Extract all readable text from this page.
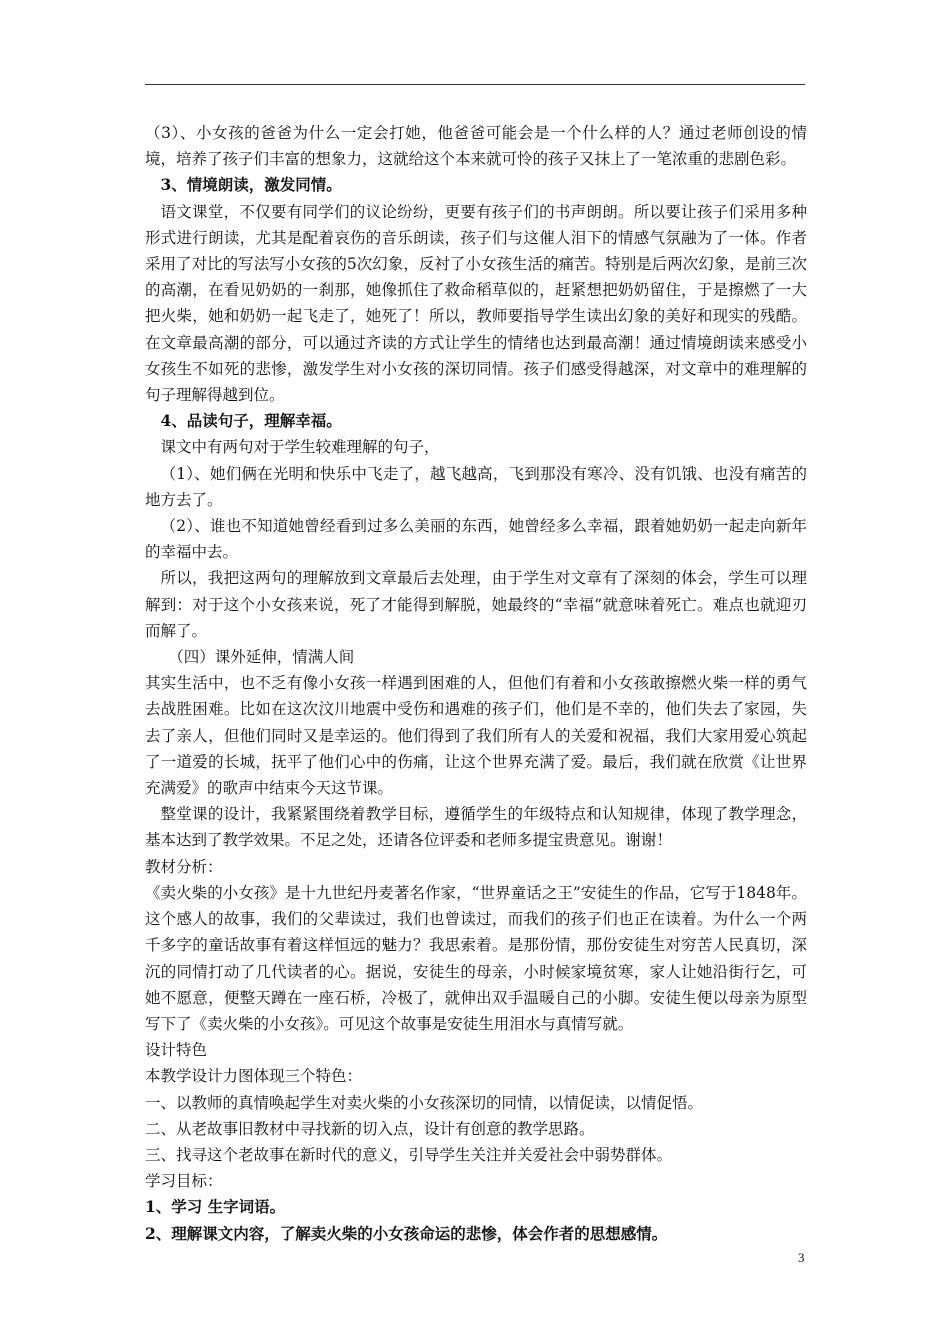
（3）、小女孩的爸爸为什么一定会打她，他爸爸可能会是一个什么样的人？通过老师创设的情境，培养了孩子们丰富的想象力，这就给这个本来就可怜的孩子又抹上了一笔浓重的悲剧色彩。

3、情境朗读，激发同情。

语文课堂，不仅要有同学们的议论纷纷，更要有孩子们的书声朗朗。所以要让孩子们采用多种形式进行朗读，尤其是配着哀伤的音乐朗读，孩子们与这催人泪下的情感气氛融为了一体。作者采用了对比的写法写小女孩的5次幻象，反衬了小女孩生活的痛苦。特别是后两次幻象，是前三次的高潮，在看见奶奶的一刹那，她像抓住了救命稻草似的，赶紧想把奶奶留住，于是擦燃了一大把火柴，她和奶奶一起飞走了，她死了！所以，教师要指导学生读出幻象的美好和现实的残酷。在文章最高潮的部分，可以通过齐读的方式让学生的情绪也达到最高潮！通过情境朗读来感受小女孩生不如死的悲惨，激发学生对小女孩的深切同情。孩子们感受得越深，对文章中的难理解的句子理解得越到位。

4、品读句子，理解幸福。

课文中有两句对于学生较难理解的句子，

（1）、她们俩在光明和快乐中飞走了，越飞越高，飞到那没有寒冷、没有饥饿、也没有痛苦的地方去了。

（2）、谁也不知道她曾经看到过多么美丽的东西，她曾经多么幸福，跟着她奶奶一起走向新年的幸福中去。

所以，我把这两句的理解放到文章最后去处理，由于学生对文章有了深刻的体会，学生可以理解到：对于这个小女孩来说，死了才能得到解脱，她最终的“幸福”就意味着死亡。难点也就迎刃而解了。

（四）课外延伸，情满人间

其实生活中，也不乏有像小女孩一样遇到困难的人，但他们有着和小女孩敢擦燃火柴一样的勇气去战胜困难。比如在这次汶川地震中受伤和遇难的孩子们，他们是不幸的，他们失去了家园，失去了亲人，但他们同时又是幸运的。他们得到了我们所有人的关爱和祝福，我们大家用爱心筑起了一道爱的长城，抚平了他们心中的伤痛，让这个世界充满了爱。最后，我们就在欣赏《让世界充满爱》的歌声中结束今天这节课。

整堂课的设计，我紧紧围绕着教学目标，遵循学生的年级特点和认知规律，体现了教学理念，基本达到了教学效果。不足之处，还请各位评委和老师多提宝贵意见。谢谢！

教材分析：

《卖火柴的小女孩》是十九世纪丹麦著名作家，“世界童话之王”安徒生的作品，它写于1848年。这个感人的故事，我们的父辈读过，我们也曾读过，而我们的孩子们也正在读着。为什么一个两千多字的童话故事有着这样恒远的魅力？我思索着。是那份情，那份安徒生对穷苦人民真切，深沉的同情打动了几代读者的心。据说，安徒生的母亲，小时候家境贫寒，家人让她沿街行乞，可她不愿意，便整天蹲在一座石桥，冷极了，就伸出双手温暖自己的小脚。安徒生便以母亲为原型写下了《卖火柴的小女孩》。可见这个故事是安徒生用泪水与真情写就。

设计特色

本教学设计力图体现三个特色：

一、以教师的真情唤起学生对卖火柴的小女孩深切的同情，以情促读，以情促悟。

二、从老故事旧教材中寻找新的切入点，设计有创意的教学思路。

三、找寻这个老故事在新时代的意义，引导学生关注并关爱社会中弱势群体。

学习目标：

1、学习 生字词语。

2、理解课文内容，了解卖火柴的小女孩命运的悲惨，体会作者的思想感情。

3
